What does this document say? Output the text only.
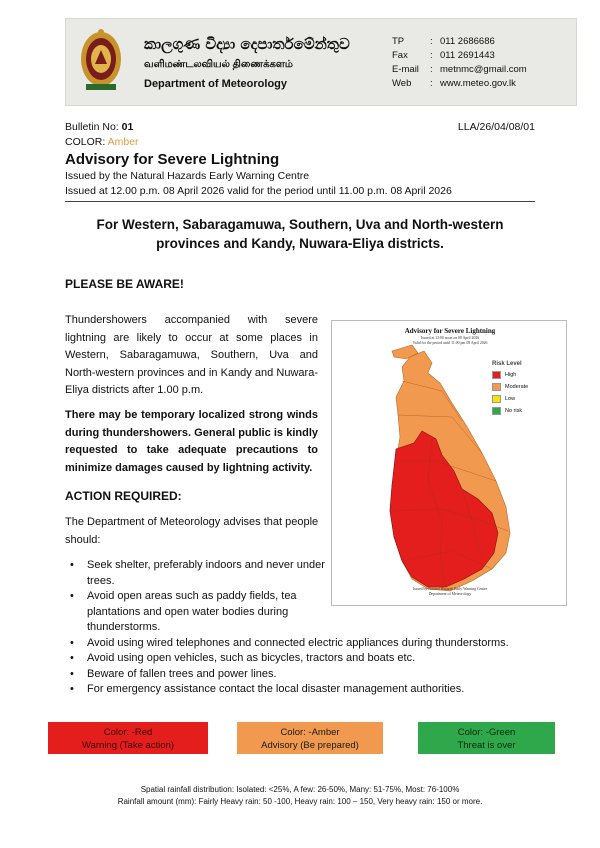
කාලගුණ විද්‍යා දෙපාර්තමේන්තුව
வளிமண்டலவியல் திணைக்களம்
Department of Meteorology
TP	: 011 2686686
Fax	: 011 2691443
E-mail	: metnmc@gmail.com
Web	: www.meteo.gov.lk
Bulletin No: 01	LLA/26/04/08/01
COLOR: Amber
Advisory for Severe Lightning
Issued by the Natural Hazards Early Warning Centre
Issued at 12.00 p.m. 08 April 2026 valid for the period until 11.00 p.m. 08 April 2026
For Western, Sabaragamuwa, Southern, Uva and North-western
provinces and Kandy, Nuwara-Eliya districts.
PLEASE BE AWARE!
Thundershowers accompanied with severe lightning are likely to occur at some places in Western, Sabaragamuwa, Southern, Uva and North-western provinces and in Kandy and Nuwara-Eliya districts after 1.00 p.m.
There may be temporary localized strong winds during thundershowers. General public is kindly requested to take adequate precautions to minimize damages caused by lightning activity.
ACTION REQUIRED:
The Department of Meteorology advises that people should:
• Seek shelter, preferably indoors and never under trees.
• Avoid open areas such as paddy fields, tea plantations and open water bodies during thunderstorms.
• Avoid using wired telephones and connected electric appliances during thunderstorms.
• Avoid using open vehicles, such as bicycles, tractors and boats etc.
• Beware of fallen trees and power lines.
• For emergency assistance contact the local disaster management authorities.
Advisory for Severe Lightning
Issued at 12:00 noon on 08 April 2026
Valid for the period until 11:00 pm 08 April 2026
Risk Level
High
Moderate
Low
No risk
Issued by Natural Hazards Early Warning Centre
Department of Meteorology
Color: -Red
Warning (Take action)
Color: -Amber
Advisory (Be prepared)
Color: -Green
Threat is over
Spatial rainfall distribution: Isolated: <25%, A few: 26-50%, Many: 51-75%, Most: 76-100%
Rainfall amount (mm): Fairly Heavy rain: 50 -100, Heavy rain: 100 – 150, Very heavy rain: 150 or more.
